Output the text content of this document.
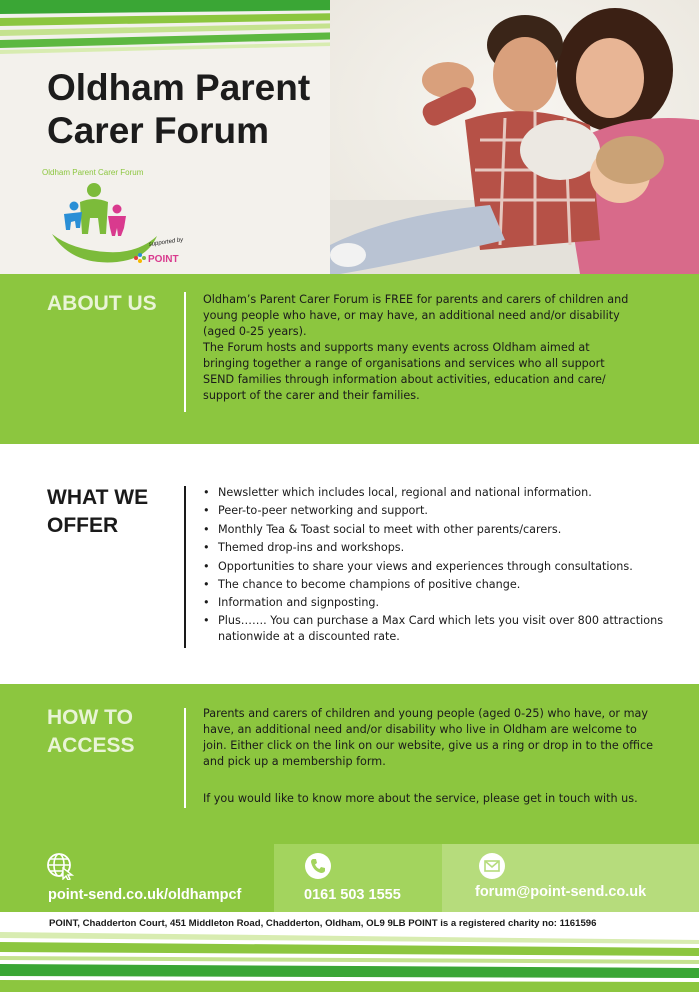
Oldham Parent Carer Forum
Oldham Parent Carer Forum
supported by
POINT
ABOUT US	Oldham’s Parent Carer Forum is FREE for parents and carers of children and young people who have, or may have, an additional need and/or disability (aged 0-25 years).

The Forum hosts and supports many events across Oldham aimed at bringing together a range of organisations and services who all support SEND families through information about activities, education and care/ support of the carer and their families.

WHAT WE OFFER
• Newsletter which includes local, regional and national information.
• Peer-to-peer networking and support.
• Monthly Tea & Toast social to meet with other parents/carers.
• Themed drop-ins and workshops.
• Opportunities to share your views and experiences through consultations.
• The chance to become champions of positive change.
• Information and signposting.
• Plus……. You can purchase a Max Card which lets you visit over 800 attractions nationwide at a discounted rate.
HOW TO ACCESS

Parents and carers of children and young people (aged 0-25) who have, or may have, an additional need and/or disability who live in Oldham are welcome to join. Either click on the link on our website, give us a ring or drop in to the office and pick up a membership form.

If you would like to know more about the service, please get in touch with us.

point-send.co.uk/oldhampcf	0161 503 1555	forum@point-send.co.uk
POINT, Chadderton Court, 451 Middleton Road, Chadderton, Oldham, OL9 9LB POINT is a registered charity no: 1161596
